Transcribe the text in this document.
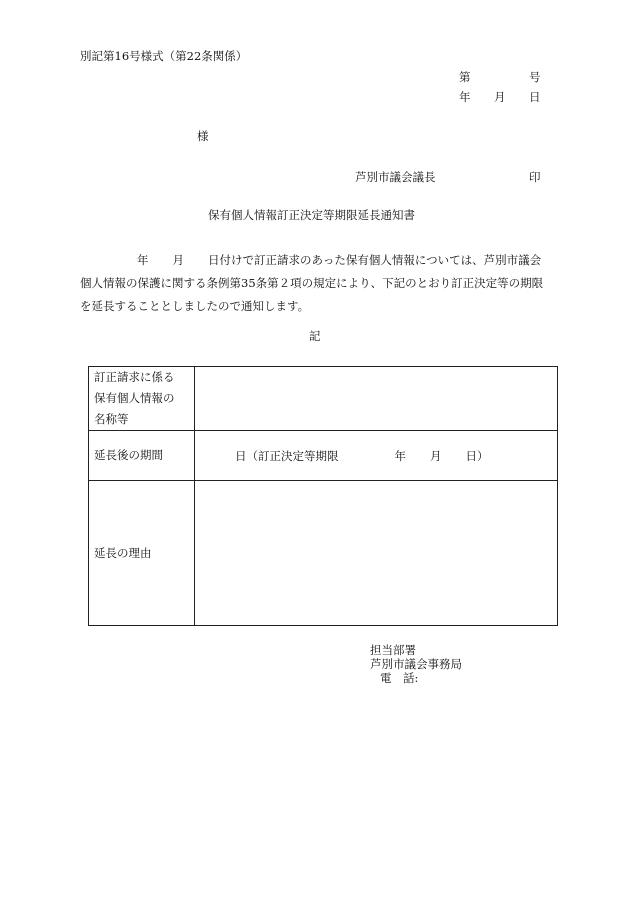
別記第16号様式（第22条関係）
第	号
年 月 日
様
芦別市議会議長	印
保有個人情報訂正決定等期限延長通知書
年 月 日付けで訂正請求のあった保有個人情報については、芦別市議会
個人情報の保護に関する条例第35条第２項の規定により、下記のとおり訂正決定等の期限
を延長することとしましたので通知します。
記
訂正請求に係る
保有個人情報の
名称等	

延長後の期間	日（訂正決定等期限 年 月 日）

延長の理由	
担当部署
芦別市議会事務局
電　話:
